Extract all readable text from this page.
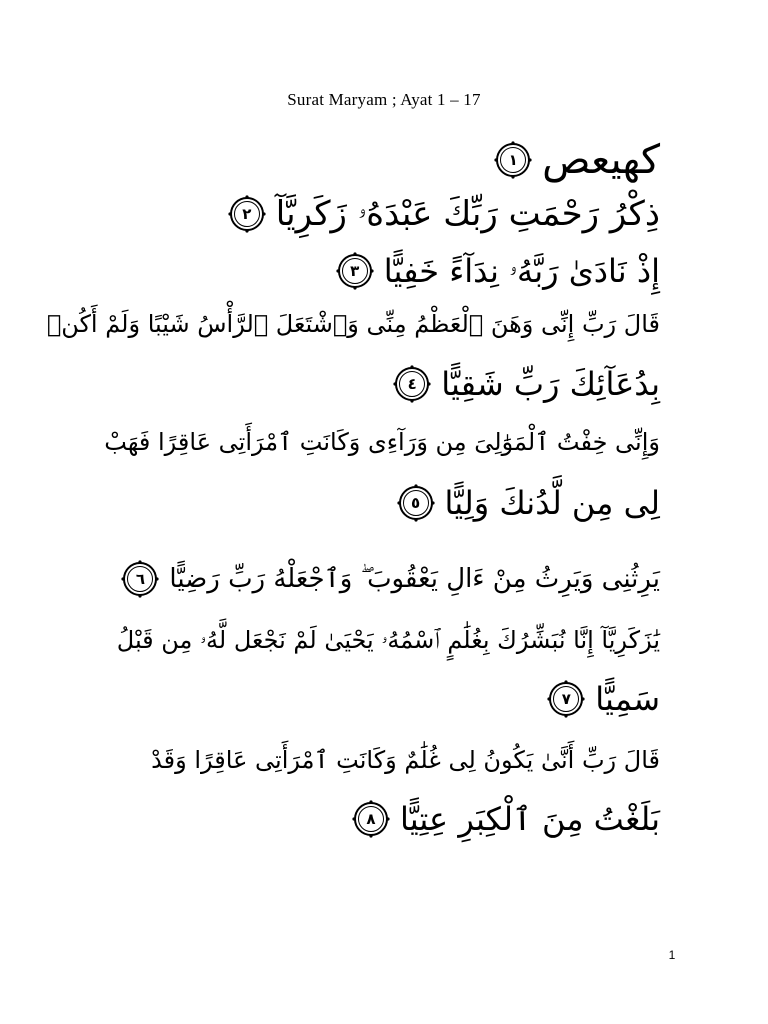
Surat Maryam ; Ayat 1 – 17
كهيعص
١
ذِكْرُ رَحْمَتِ رَبِّكَ عَبْدَهُۥ زَكَرِيَّآ
٢
إِذْ نَادَىٰ رَبَّهُۥ نِدَآءً خَفِيًّا
٣
قَالَ رَبِّ إِنِّى وَهَنَ ٱلْعَظْمُ مِنِّى وَٱشْتَعَلَ ٱلرَّأْسُ شَيْبًا وَلَمْ أَكُنۢ
بِدُعَآئِكَ رَبِّ شَقِيًّا
٤
وَإِنِّى خِفْتُ ٱلْمَوَٰلِىَ مِن وَرَآءِى وَكَانَتِ ٱمْرَأَتِى عَاقِرًا فَهَبْ
لِى مِن لَّدُنكَ وَلِيًّا
٥
يَرِثُنِى وَيَرِثُ مِنْ ءَالِ يَعْقُوبَ ۖ وَٱجْعَلْهُ رَبِّ رَضِيًّا
٦
يَٰزَكَرِيَّآ إِنَّا نُبَشِّرُكَ بِغُلَٰمٍ ٱسْمُهُۥ يَحْيَىٰ لَمْ نَجْعَل لَّهُۥ مِن قَبْلُ
سَمِيًّا
٧
قَالَ رَبِّ أَنَّىٰ يَكُونُ لِى غُلَٰمٌ وَكَانَتِ ٱمْرَأَتِى عَاقِرًا وَقَدْ
بَلَغْتُ مِنَ ٱلْكِبَرِ عِتِيًّا
٨
1
